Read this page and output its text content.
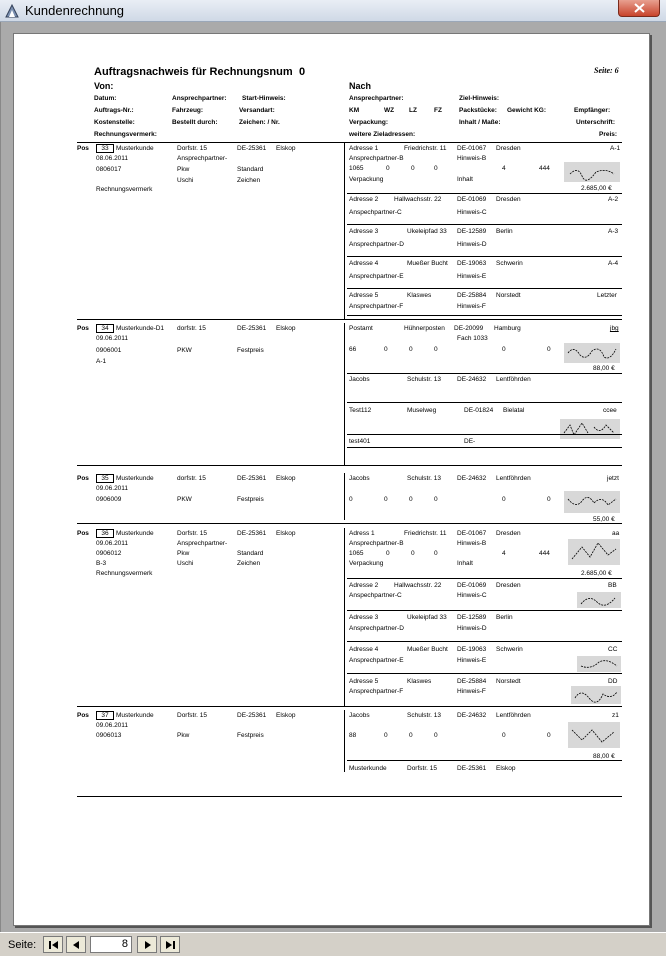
Kundenrechnung
Auftragsnachweis für Rechnungsnum 0	Seite: 6
Von:	Nach
Datum:	Ansprechpartner: Start-Hinweis:	Ansprechpartner:	Ziel-Hinweis:
Auftrags-Nr.:	Fahrzeug:	Versandart:	KM	WZ LZ	FZ	Packstücke: Gewicht KG:	Empfänger:
Kostenstelle:	Bestellt durch:	Zeichen: / Nr.	Verpackung:	Inhalt / Maße:	Unterschrift:
Rechnungsvermerk:	weitere Zieladressen:	Preis:
Pos	33	Musterkunde	Dorfstr. 15	DE-25361 Elskop
08.06.2011	Ansprechpartner-
0806017	Pkw	Standard
Uschi	Zeichen
Rechnungsvermerk
Adresse 1	Friedrichstr. 11 DE-01067 Dresden	A-1
Ansprechpartner-B	Hinweis-B
1065	0	0	0	4	444
Verpackung	Inhalt
2.685,00 €
Adresse 2 Hallwachsstr. 22 DE-01069 Dresden	A-2
Anspechpartner-C	Hinweis-C
Adresse 3	Ukeleipfad 33 DE-12589 Berlin	A-3
Ansprechpartner-D	Hinweis-D
Adresse 4	Mueßer Bucht DE-19063 Schwerin	A-4
Ansprechpartner-E	Hinweis-E
Adresse 5	Klaswes	DE-25884 Norstedt	Letzter
Ansprechpartner-F	Hinweis-F
Pos	34	Musterkunde-D1 dorfstr. 15	DE-25361 Elskop
09.06.2011
0906001	PKW	Festpreis
A-1
Postamt	Hühnerposten DE-20099 Hamburg	jbg
Fach 1033
66	0	0	0	0	0
88,00 €
Jacobs	Schulstr. 13 DE-24632 Lentföhrden
Test112	Muselweg	DE-01824 Bielatal	ccee
test401	DE-
Pos	35	Musterkunde	dorfstr. 15	DE-25361 Elskop
09.06.2011
0906009	PKW	Festpreis
Jacobs	Schulstr. 13 DE-24632 Lentföhrden	jetzt
0	0	0	0	0	0
55,00 €
Pos	36	Musterkunde	Dorfstr. 15	DE-25361 Elskop
09.06.2011	Ansprechpartner-
0906012	Pkw	Standard
B-3	Uschi	Zeichen
Rechnungsvermerk
Adress 1	Friedrichstr. 11 DE-01067 Dresden	aa
Ansprechpartner-B	Hinweis-B
1065	0	0	0	4	444
Verpackung	Inhalt
2.685,00 €
Adresse 2 Hallwachsstr. 22 DE-01069 Dresden	BB
Anspechpartner-C	Hinweis-C
Adresse 3	Ukeleipfad 33 DE-12589 Berlin
Ansprechpartner-D	Hinweis-D
Adresse 4	Mueßer Bucht DE-19063 Schwerin	CC
Ansprechpartner-E	Hinweis-E
Adresse 5	Klaswes	DE-25884 Norstedt	DD
Ansprechpartner-F	Hinweis-F
Pos	37	Musterkunde	Dorfstr. 15	DE-25361 Elskop
09.06.2011
0906013	Pkw	Festpreis
Jacobs	Schulstr. 13 DE-24632 Lentföhrden	z1
88	0	0	0	0	0
88,00 €
Musterkunde	Dorfstr. 15	DE-25361 Elskop
Seite:	8
